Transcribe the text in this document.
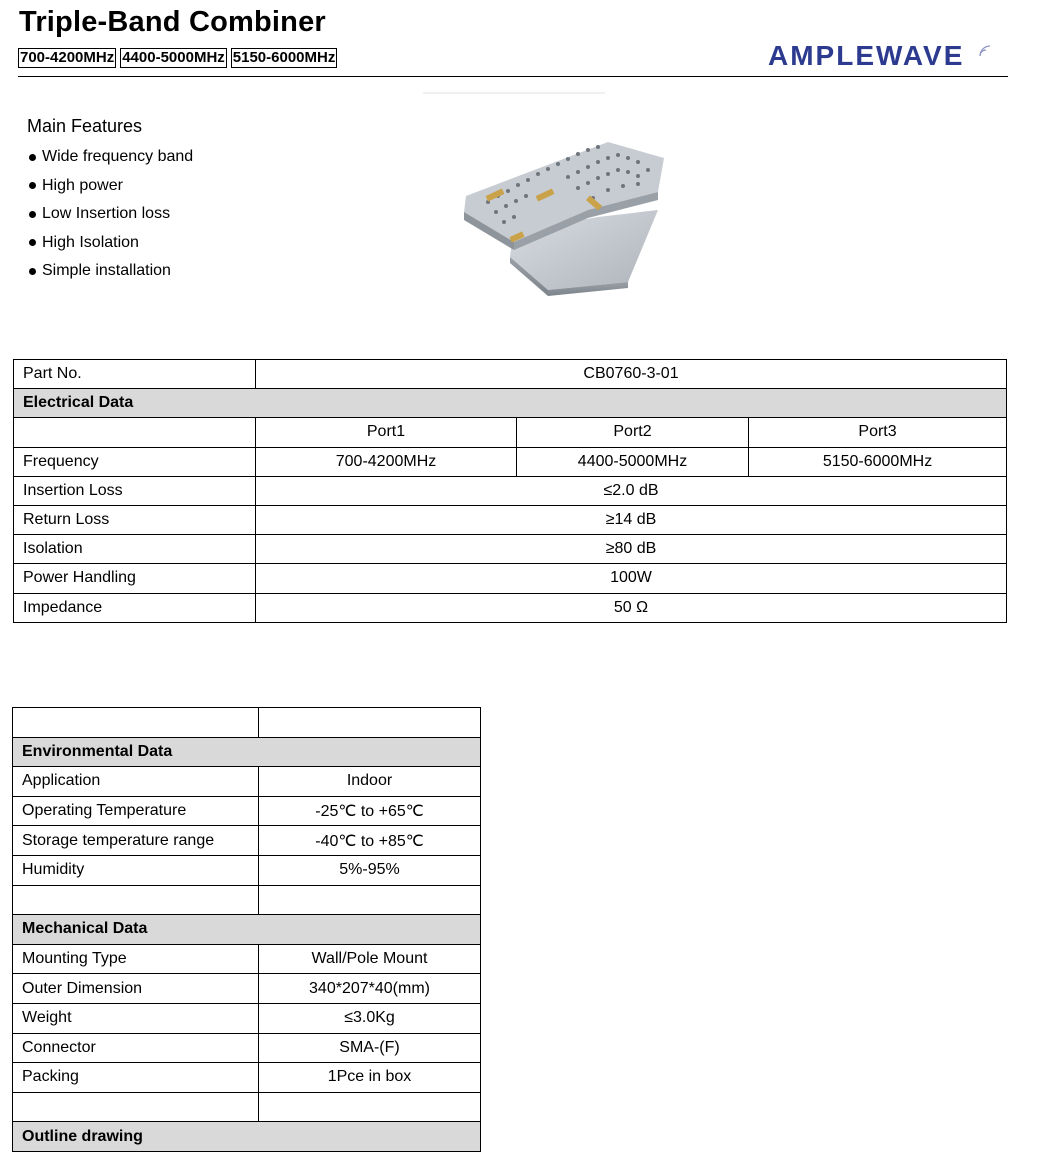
Triple-Band Combiner
700-4200MHz 4400-5000MHz 5150-6000MHz	AMPLEWAVE
Main Features
Wide frequency band
High power
Low Insertion loss
High Isolation
Simple installation
Part No.	CB0760-3-01		
Electrical Data			
	Port1	Port2	Port3
Frequency	700-4200MHz	4400-5000MHz	5150-6000MHz
Insertion Loss	≤2.0 dB		
Return Loss	≥14 dB		
Isolation	≥80 dB		
Power Handling	100W		
Impedance	50 Ω		

Environmental Data	
Application	Indoor
Operating Temperature	-25℃ to +65℃
Storage temperature range	-40℃ to +85℃
Humidity	5%-95%

Mechanical Data	
Mounting Type	Wall/Pole Mount
Outer Dimension	340*207*40(mm)
Weight	≤3.0Kg
Connector	SMA-(F)
Packing	1Pce in box

Outline drawing	
